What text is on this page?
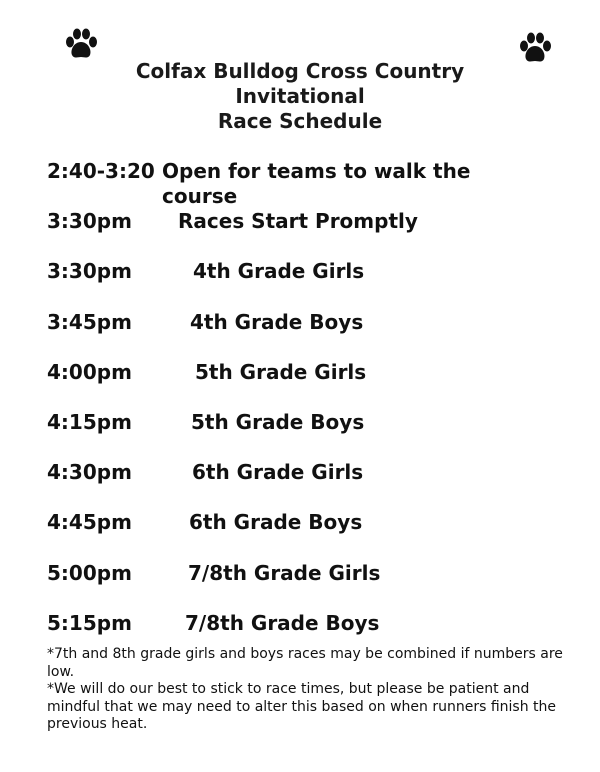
Colfax Bulldog Cross Country
Invitational
Race Schedule
2:40-3:20 Open for teams to walk the course
3:30pm Races Start Promptly
3:30pm	4th Grade Girls
3:45pm	4th Grade Boys
4:00pm	5th Grade Girls
4:15pm	5th Grade Boys
4:30pm	6th Grade Girls
4:45pm	6th Grade Boys
5:00pm	7/8th Grade Girls
5:15pm	7/8th Grade Boys
*7th and 8th grade girls and boys races may be combined if numbers are low.
*We will do our best to stick to race times, but please be patient and mindful that we may need to alter this based on when runners finish the previous heat.
